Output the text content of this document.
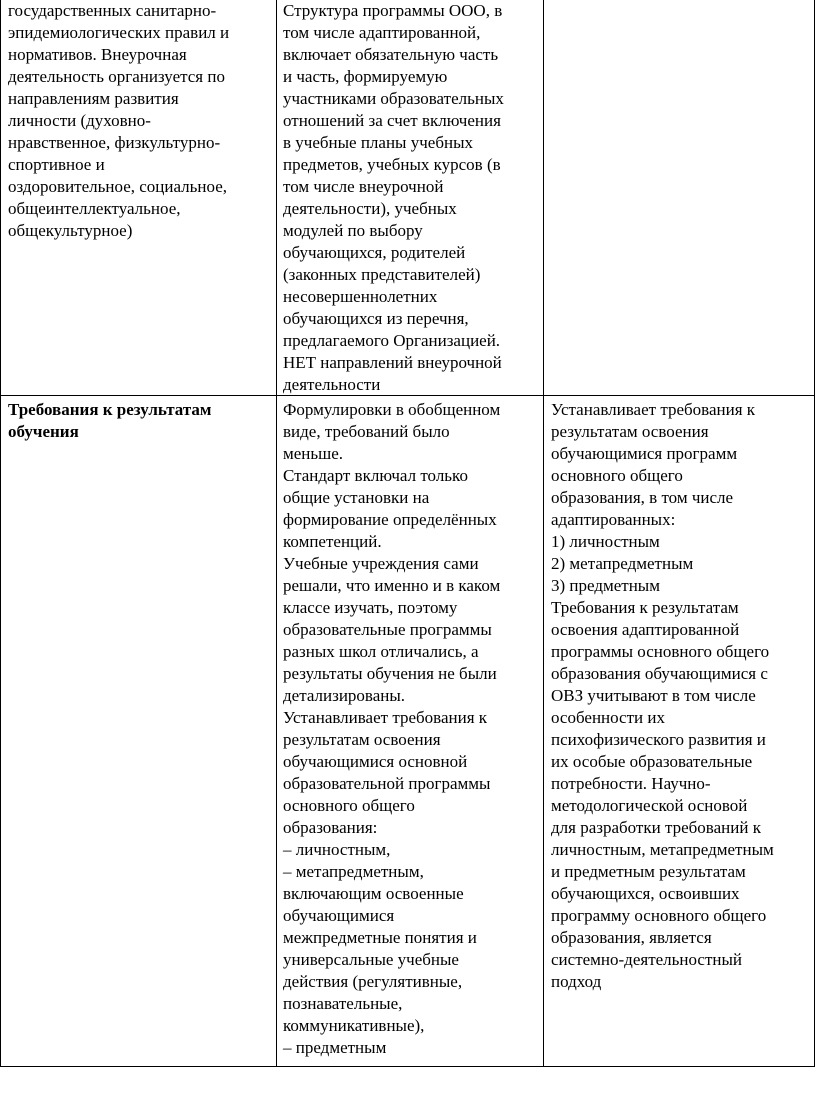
государственных санитарно-
эпидемиологических правил и
нормативов. Внеурочная
деятельность организуется по
направлениям развития
личности (духовно-
нравственное, физкультурно-
спортивное и
оздоровительное, социальное,
общеинтеллектуальное,
общекультурное)
Структура программы ООО, в
том числе адаптированной,
включает обязательную часть
и часть, формируемую
участниками образовательных
отношений за счет включения
в учебные планы учебных
предметов, учебных курсов (в
том числе внеурочной
деятельности), учебных
модулей по выбору
обучающихся, родителей
(законных представителей)
несовершеннолетних
обучающихся из перечня,
предлагаемого Организацией.
НЕТ направлений внеурочной
деятельности
Требования к результатам
обучения
Формулировки в обобщенном
виде, требований было
меньше.
Стандарт включал только
общие установки на
формирование определённых
компетенций.
Учебные учреждения сами
решали, что именно и в каком
классе изучать, поэтому
образовательные программы
разных школ отличались, а
результаты обучения не были
детализированы.
Устанавливает требования к
результатам освоения
обучающимися основной
образовательной программы
основного общего
образования:
– личностным,
– метапредметным,
включающим освоенные
обучающимися
межпредметные понятия и
универсальные учебные
действия (регулятивные,
познавательные,
коммуникативные),
– предметным
Устанавливает требования к
результатам освоения
обучающимися программ
основного общего
образования, в том числе
адаптированных:
1) личностным
2) метапредметным
3) предметным
Требования к результатам
освоения адаптированной
программы основного общего
образования обучающимися с
ОВЗ учитывают в том числе
особенности их
психофизического развития и
их особые образовательные
потребности. Научно-
методологической основой
для разработки требований к
личностным, метапредметным
и предметным результатам
обучающихся, освоивших
программу основного общего
образования, является
системно-деятельностный
подход
